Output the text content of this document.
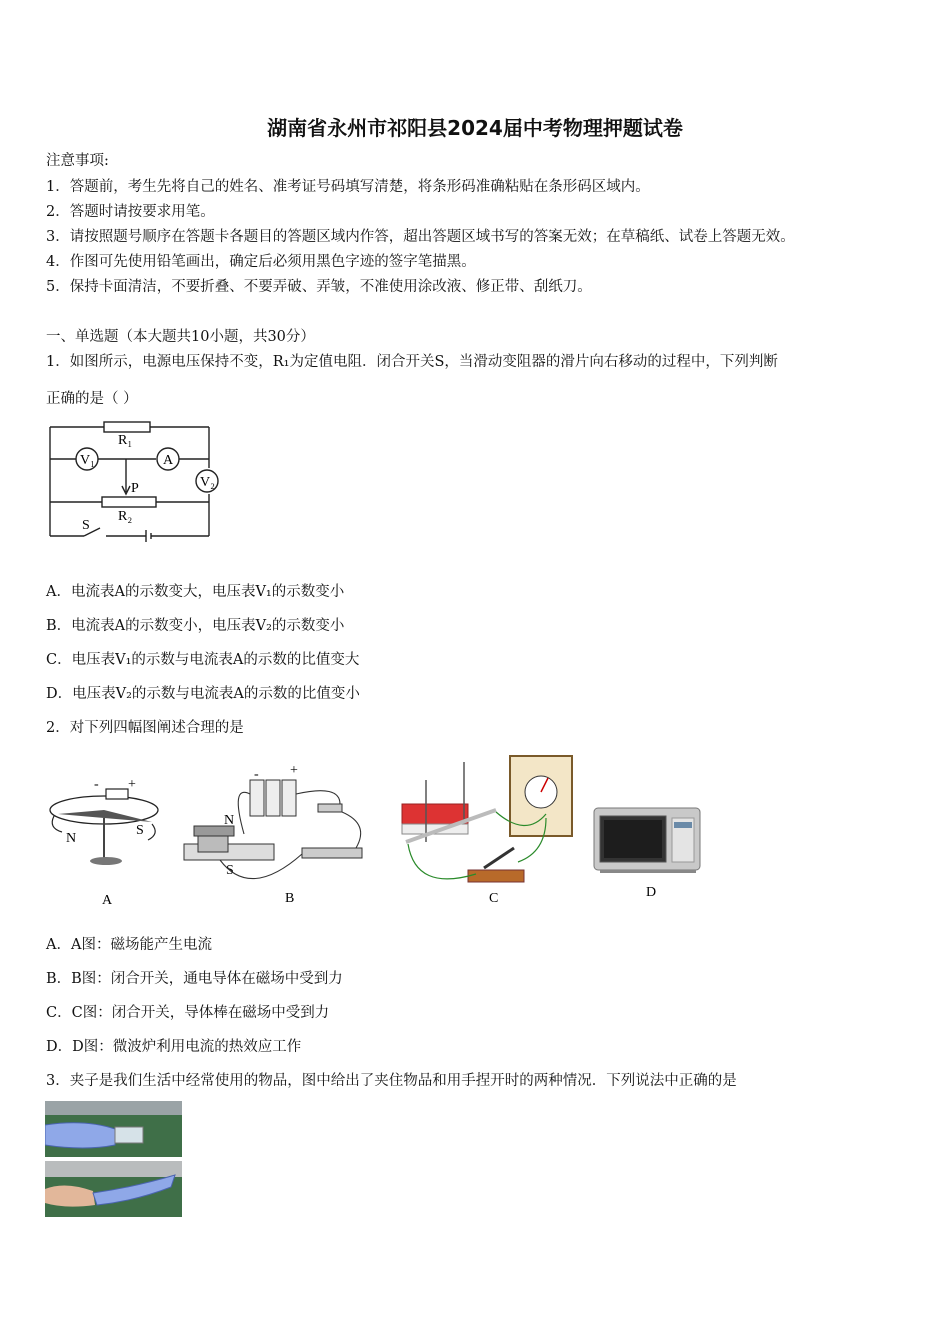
湖南省永州市祁阳县2024届中考物理押题试卷
注意事项:
1．答题前，考生先将自己的姓名、准考证号码填写清楚，将条形码准确粘贴在条形码区域内。
2．答题时请按要求用笔。
3．请按照题号顺序在答题卡各题目的答题区域内作答，超出答题区域书写的答案无效；在草稿纸、试卷上答题无效。
4．作图可先使用铅笔画出，确定后必须用黑色字迹的签字笔描黑。
5．保持卡面清洁，不要折叠、不要弄破、弄皱，不准使用涂改液、修正带、刮纸刀。
一、单选题（本大题共10小题，共30分）
1．如图所示，电源电压保持不变，R₁为定值电阻．闭合开关S，当滑动变阻器的滑片向右移动的过程中，下列判断
正确的是（ ）
R₁
V₁	A
V₂
P
R₂
S
A．电流表A的示数变大，电压表V₁的示数变小
B．电流表A的示数变小，电压表V₂的示数变小
C．电压表V₁的示数与电流表A的示数的比值变大
D．电压表V₂的示数与电流表A的示数的比值变小
2．对下列四幅图阐述合理的是
- +
N
S
A
- +
N
S
B	C	D
A．A图：磁场能产生电流
B．B图：闭合开关，通电导体在磁场中受到力
C．C图：闭合开关，导体棒在磁场中受到力
D．D图：微波炉利用电流的热效应工作
3．夹子是我们生活中经常使用的物品，图中给出了夹住物品和用手捏开时的两种情况．下列说法中正确的是
